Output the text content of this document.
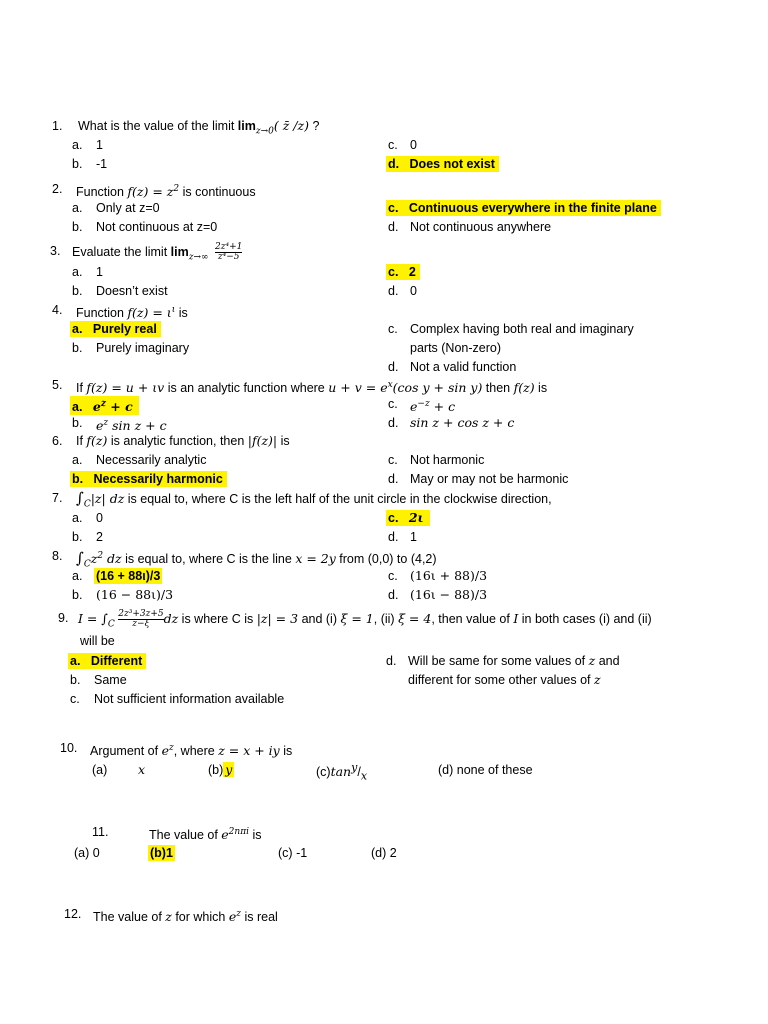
1. What is the value of the limit $\lim_{z\to 0}$( z̄ /z) ?
a. 1
b. -1
c. 0
d. Does not exist
2. Function $f(z) = z^2$ is continuous
a. Only at z=0
b. Not continuous at z=0
c. Continuous everywhere in the finite plane
d. Not continuous anywhere
3. Evaluate the limit $\lim_{z\to\infty} \frac{\text{2z⁴+1}}{\text{z⁴−5}}$
a. 1
b. Doesn’t exist
c. 2
d. 0
4. Function $f(z) = \iota^\iota$ is
a. Purely real
b. Purely imaginary
c. Complex having both real and imaginary
parts (Non-zero)
d. Not a valid function
5. If f(z) = u + ιv is an analytic function where $u + v = e^x(\cos$ y + sin y) then f(z) is
a. $e^z + c$
b. $e^z$ sin z + c
c. $e^{-z} + c$
d. sin z + cos z + c
6. If f(z) is analytic function, then |f(z)| is
a. Necessarily analytic
b. Necessarily harmonic
c. Not harmonic
d. May or may not be harmonic
7. $\int_C|z|$ dz is equal to, where C is the left half of the unit circle in the clockwise direction,
a. 0
b. 2
c. 2ι
d. 1
8. $\int_Cz^2$ dz is equal to, where C is the line x = 2y from (0,0) to (4,2)
a. (16 + 88ι)/3
b. (16 − 88ι)/3
c. (16ι + 88)/3
d. (16ι − 88)/3
9. $I = \int_C \frac{\text{2z³+3z+5}}{z-\xi}$ dz is where C is |z| = 3 and (i) ξ = 1, (ii) ξ = 4, then value of I in both cases (i) and (ii)
will be
a. Different
b. Same
c. Not sufficient information available
d. Will be same for some values of z and
different for some other values of z
10. Argument of $e^z$, where z = x + iy is
(a) x	(b) y	$(c)\tan^y/_x$	(d) none of these
11.	The value of $e^{2n\pi i}$ is
(a) 0	(b)1	(c) -1	(d) 2
12. The value of z for which $e^z$ is real
